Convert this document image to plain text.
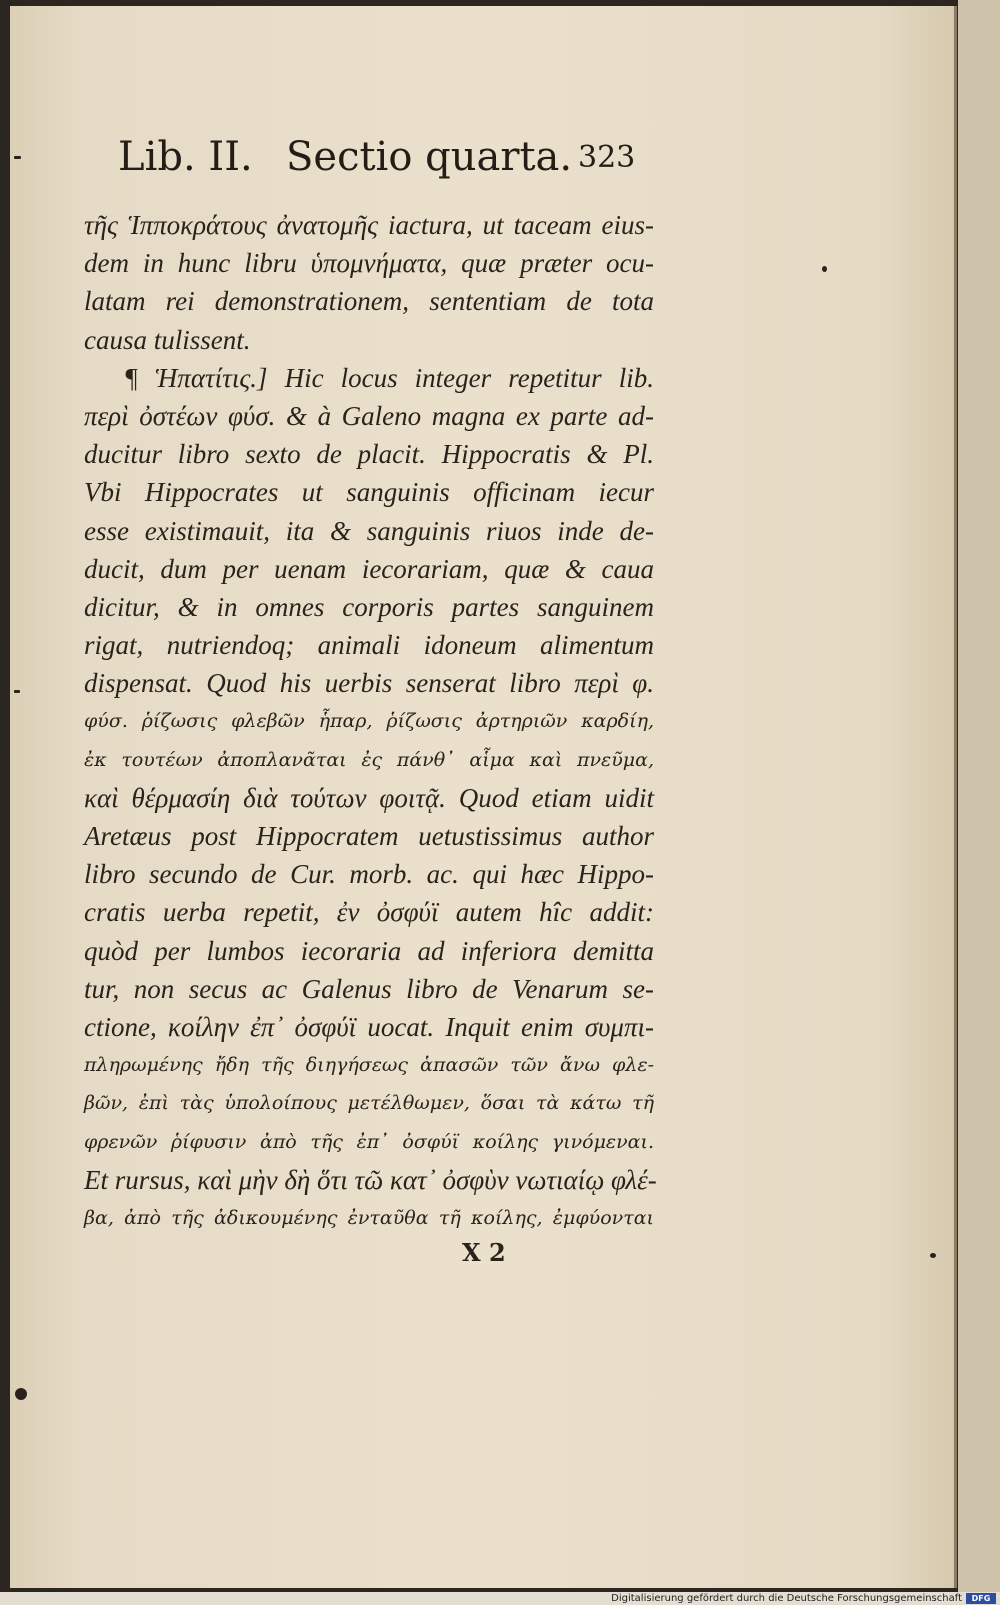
Lib. II. Sectio quarta. 323
τῆς Ἱπποκράτους ἀνατομῆς iactura, ut taceam eius-
dem in hunc libru ὑπομνήματα, quæ præter ocu-
latam rei demonstrationem, sententiam de tota
causa tulissent.
¶ Ἡπατίτις.] Hic locus integer repetitur lib.
περὶ ὀστέων φύσ. & à Galeno magna ex parte ad-
ducitur libro sexto de placit. Hippocratis & Pl.
Vbi Hippocrates ut sanguinis officinam iecur
esse existimauit, ita & sanguinis riuos inde de-
ducit, dum per uenam iecorariam, quæ & caua
dicitur, & in omnes corporis partes sanguinem
rigat, nutriendoq; animali idoneum alimentum
dispensat. Quod his uerbis senserat libro περὶ φ.
φύσ. ῥίζωσις φλεβῶν ἧπαρ, ῥίζωσις ἀρτηριῶν καρδίη,
ἐκ τουτέων ἀποπλανᾶται ἐς πάνθ᾽ αἷμα καὶ πνεῦμα,
καὶ θέρμασίη διὰ τούτων φοιτᾷ. Quod etiam uidit
Aretæus post Hippocratem uetustissimus author
libro secundo de Cur. morb. ac. qui hæc Hippo-
cratis uerba repetit, ἐν ὀσφύϊ autem hîc addit:
quòd per lumbos iecoraria ad inferiora demitta
tur, non secus ac Galenus libro de Venarum se-
ctione, κοίλην ἐπ᾽ ὀσφύϊ uocat. Inquit enim συμπι-
πληρωμένης ἤδη τῆς διηγήσεως ἁπασῶν τῶν ἄνω φλε-
βῶν, ἐπὶ τὰς ὑπολοίπους μετέλθωμεν, ὅσαι τὰ κάτω τῆ
φρενῶν ῥίφυσιν ἀπὸ τῆς ἐπ᾽ ὀσφύϊ κοίλης γινόμεναι.
Et rursus, καὶ μὴν δὴ ὅτι τῶ κατ᾽ ὀσφὺν νωτιαίῳ φλέ-
βα, ἀπὸ τῆς ἀδικουμένης ἐνταῦθα τῆ κοίλης, ἐμφύονται
X 2
Digitalisierung gefördert durch die Deutsche Forschungsgemeinschaft	DFG
